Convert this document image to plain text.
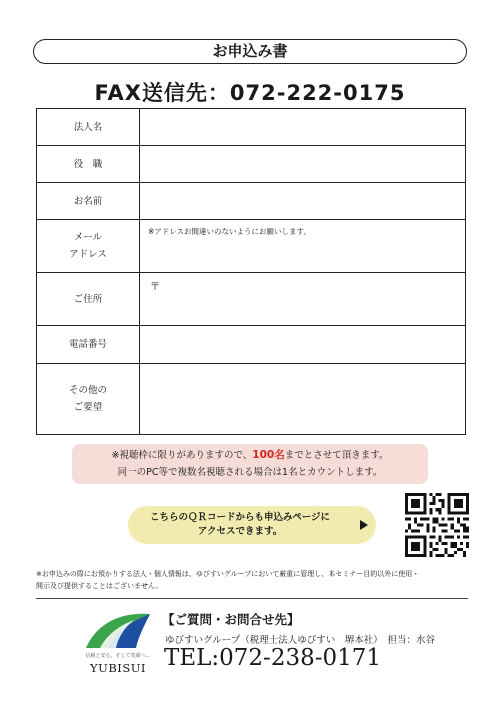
お申込み書
FAX送信先：072-222-0175
法人名	
役　職	
お名前	

メール
アドレス	※アドレスお間違いのないようにお願いします。

ご住所	〒

電話番号	

その他の
ご要望	

※視聴枠に限りがありますので、100名までとさせて頂きます。
同一のPC等で複数名視聴される場合は1名とカウントします。
こちらのＱＲコードからも申込みページに
アクセスできます。
※お申込みの際にお預かりする法人・個人情報は、ゆびすいグループにおいて厳重に管理し、本セミナー目的以外に使用・
開示及び提供することはございません。
信頼と安心、そして笑顔へ…
YUBISUI
【ご質問・お問合せ先】
ゆびすいグループ（税理士法人ゆびすい　堺本社）　担当：水谷
TEL:072-238-0171
